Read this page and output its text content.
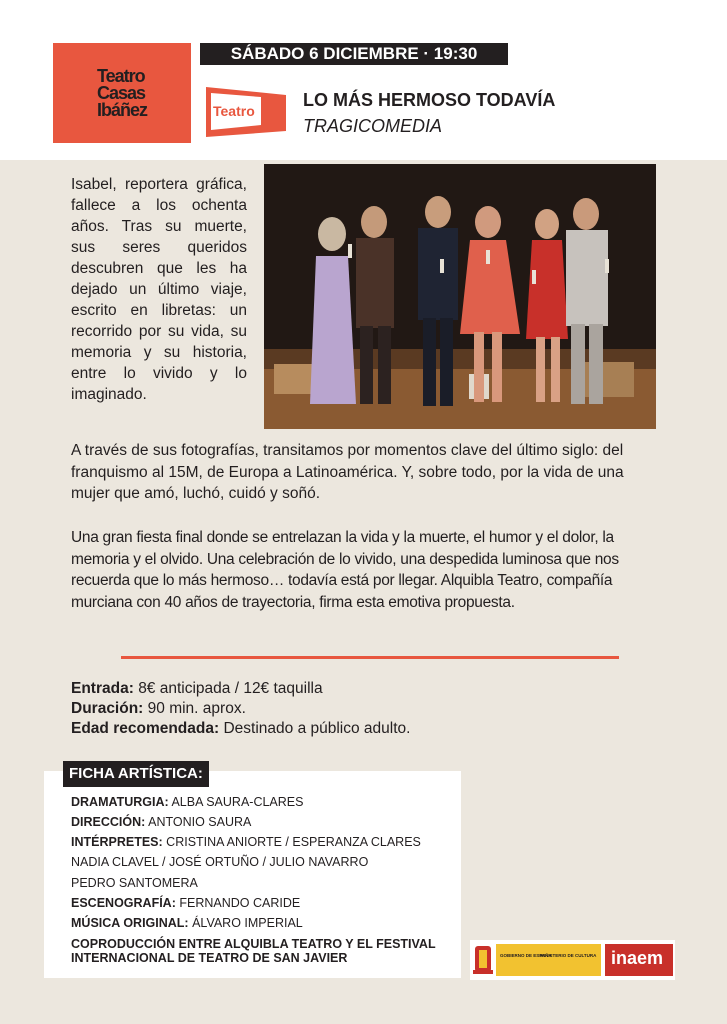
Teatro
Casas
Ibáñez
SÁBADO 6 DICIEMBRE · 19:30
Teatro
LO MÁS HERMOSO TODAVÍA
TRAGICOMEDIA
Isabel, reportera gráfica, fallece a los ochenta años. Tras su muerte, sus seres queridos descubren que les ha dejado un último viaje, escrito en libretas: un recorrido por su vida, su memoria y su historia, entre lo vivido y lo imaginado.
A través de sus fotografías, transitamos por momentos clave del último siglo: del franquismo al 15M, de Europa a Latinoamérica. Y, sobre todo, por la vida de una mujer que amó, luchó, cuidó y soñó.
Una gran fiesta final donde se entrelazan la vida y la muerte, el humor y el dolor, la memoria y el olvido. Una celebración de lo vivido, una despedida luminosa que nos recuerda que lo más hermoso… todavía está por llegar. Alquibla Teatro, compañía murciana con 40 años de trayectoria, firma esta emotiva propuesta.
Entrada: 8€ anticipada / 12€ taquilla
Duración: 90 min. aprox.
Edad recomendada: Destinado a público adulto.
FICHA ARTÍSTICA:
DRAMATURGIA: ALBA SAURA-CLARES
DIRECCIÓN: ANTONIO SAURA
INTÉRPRETES: CRISTINA ANIORTE / ESPERANZA CLARES
NADIA CLAVEL / JOSÉ ORTUÑO / JULIO NAVARRO
PEDRO SANTOMERA
ESCENOGRAFÍA: FERNANDO CARIDE
MÚSICA ORIGINAL: ÁLVARO IMPERIAL
COPRODUCCIÓN ENTRE ALQUIBLA TEATRO Y EL FESTIVAL INTERNACIONAL DE TEATRO DE SAN JAVIER	GOBIERNO DE ESPAÑA
MINISTERIO DE CULTURA inaem
